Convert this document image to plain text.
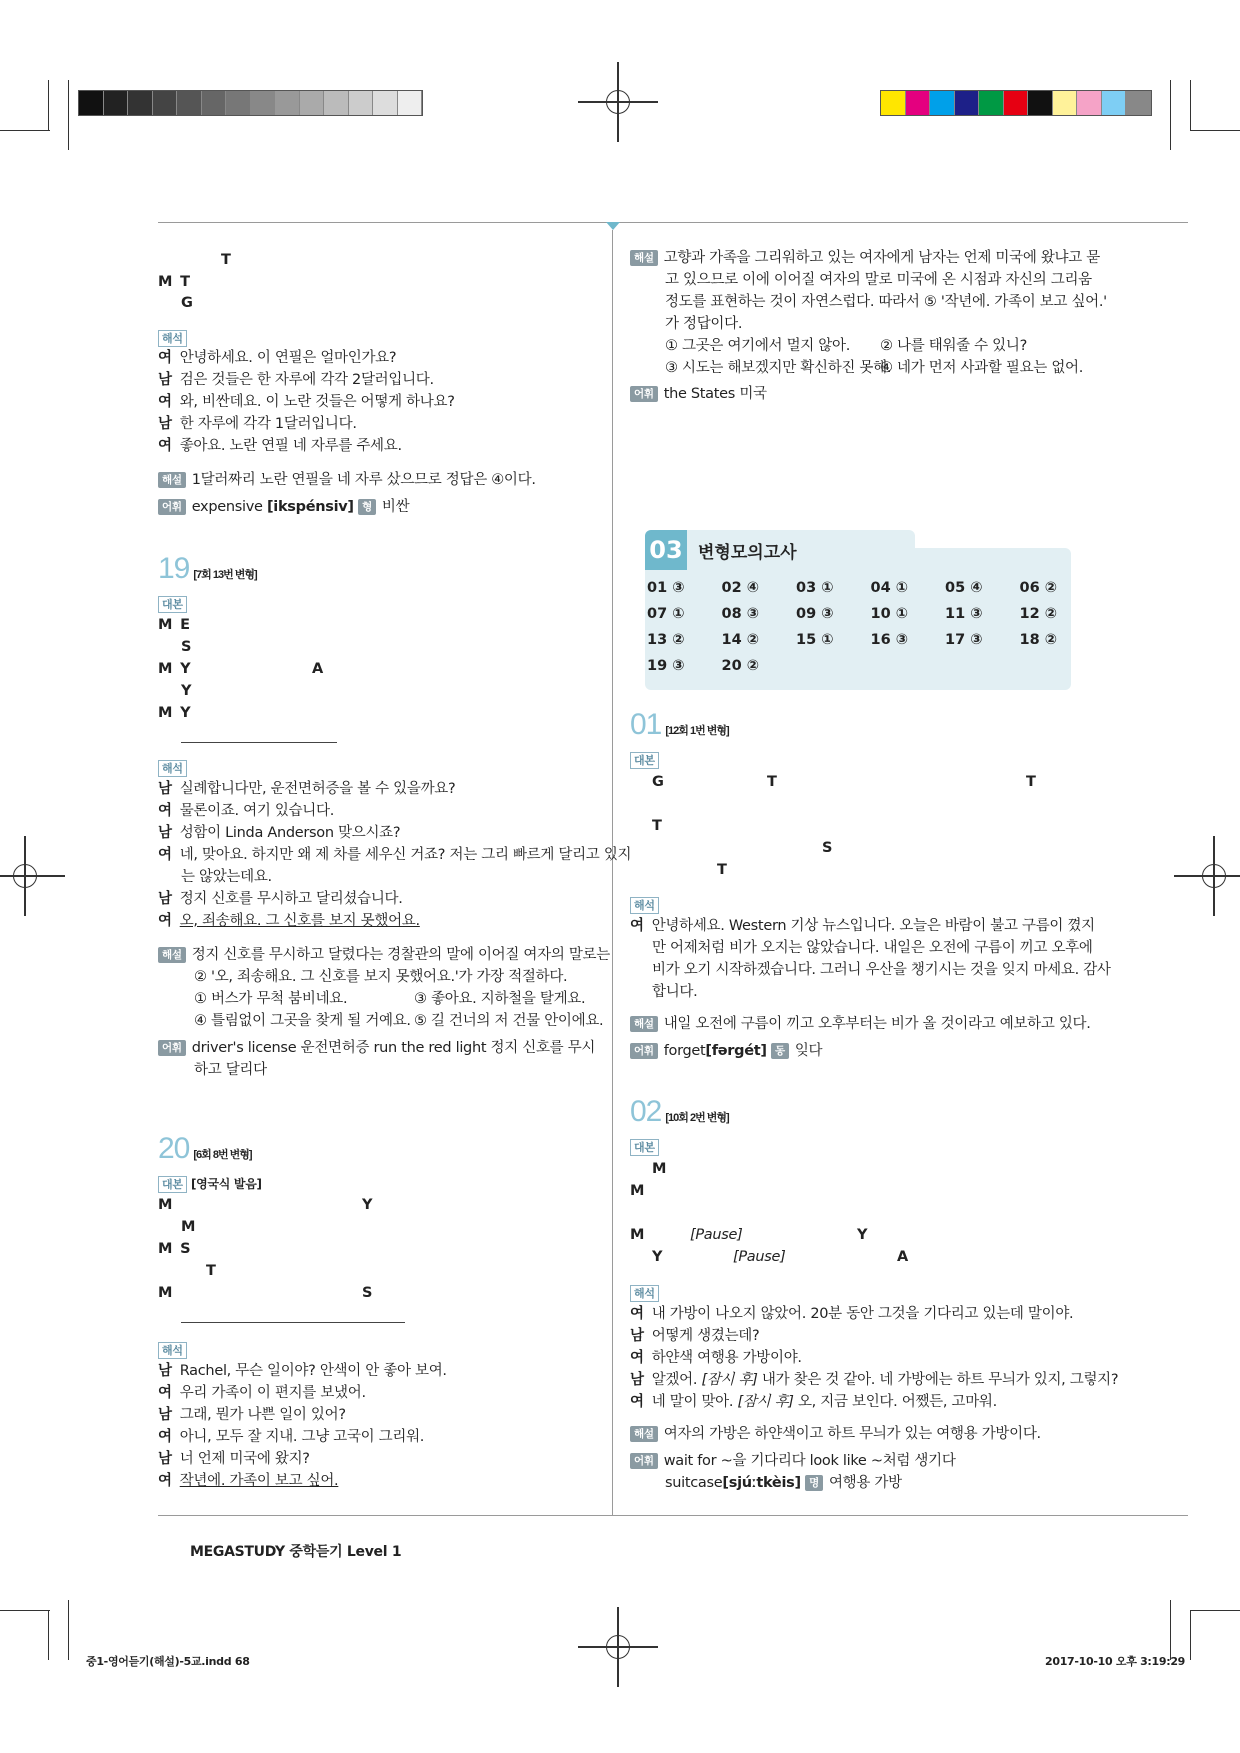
T
M T
G
해석
여 안녕하세요. 이 연필은 얼마인가요?
남 검은 것들은 한 자루에 각각 2달러입니다.
여 와, 비싼데요. 이 노란 것들은 어떻게 하나요?
남 한 자루에 각각 1달러입니다.
여 좋아요. 노란 연필 네 자루를 주세요.
해설 1달러짜리 노란 연필을 네 자루 샀으므로 정답은 ④이다.
어휘 expensive [ikspénsiv] 형 비싼
19 [7회 13번 변형]
대본
M E
S
M Y	A
Y
M Y
해석
남 실례합니다만, 운전면허증을 볼 수 있을까요?
여 물론이죠. 여기 있습니다.
남 성함이 Linda Anderson 맞으시죠?
여 네, 맞아요. 하지만 왜 제 차를 세우신 거죠? 저는 그리 빠르게 달리고 있지
는 않았는데요.
남 정지 신호를 무시하고 달리셨습니다.
여 오, 죄송해요. 그 신호를 보지 못했어요.
해설 정지 신호를 무시하고 달렸다는 경찰관의 말에 이어질 여자의 말로는
② '오, 죄송해요. 그 신호를 보지 못했어요.'가 가장 적절하다.
① 버스가 무척 붐비네요.	③ 좋아요. 지하철을 탈게요.
④ 틀림없이 그곳을 찾게 될 거예요. ⑤ 길 건너의 저 건물 안이에요.
어휘 driver's license 운전면허증 run the red light 정지 신호를 무시
하고 달리다
20 [6회 8번 변형]
대본 [영국식 발음]
M	Y
M
M S
T
M	S
해석
남 Rachel, 무슨 일이야? 안색이 안 좋아 보여.
여 우리 가족이 이 편지를 보냈어.
남 그래, 뭔가 나쁜 일이 있어?
여 아니, 모두 잘 지내. 그냥 고국이 그리워.
남 너 언제 미국에 왔지?
여 작년에. 가족이 보고 싶어.
MEGASTUDY 중학듣기 Level 1
해설 고향과 가족을 그리워하고 있는 여자에게 남자는 언제 미국에 왔냐고 묻
고 있으므로 이에 이어질 여자의 말로 미국에 온 시점과 자신의 그리움
정도를 표현하는 것이 자연스럽다. 따라서 ⑤ '작년에. 가족이 보고 싶어.'
가 정답이다.
① 그곳은 여기에서 멀지 않아. ② 나를 태워줄 수 있니?
③ 시도는 해보겠지만 확신하진 못해.
④ 네가 먼저 사과할 필요는 없어.
어휘 the States 미국
03 변형모의고사
01 ③	02 ④	03 ①	04 ①	05 ④	06 ②
07 ①	08 ③	09 ③	10 ①	11 ③	12 ②
13 ②	14 ②	15 ①	16 ③	17 ③	18 ②
19 ③	20 ②
01 [12회 1번 변형]
대본
G	T	T
T
S
T
해석
여 안녕하세요. Western 기상 뉴스입니다. 오늘은 바람이 불고 구름이 꼈지
만 어제처럼 비가 오지는 않았습니다. 내일은 오전에 구름이 끼고 오후에
비가 오기 시작하겠습니다. 그러니 우산을 챙기시는 것을 잊지 마세요. 감사
합니다.
해설 내일 오전에 구름이 끼고 오후부터는 비가 올 것이라고 예보하고 있다.
어휘 forget[fərgét] 동 잊다
02 [10회 2번 변형]
대본
M
M
M	[Pause]	Y
Y	[Pause]	A
해석
여 내 가방이 나오지 않았어. 20분 동안 그것을 기다리고 있는데 말이야.
남 어떻게 생겼는데?
여 하얀색 여행용 가방이야.
남 알겠어. [잠시 후] 내가 찾은 것 같아. 네 가방에는 하트 무늬가 있지, 그렇지?
여 네 말이 맞아. [잠시 후] 오, 지금 보인다. 어쨌든, 고마워.
해설 여자의 가방은 하얀색이고 하트 무늬가 있는 여행용 가방이다.
어휘 wait for ~을 기다리다 look like ~처럼 생기다
suitcase[sjúːtkèis] 명 여행용 가방
중1-영어듣기(해설)-5교.indd 68	2017-10-10 오후 3:19:29
